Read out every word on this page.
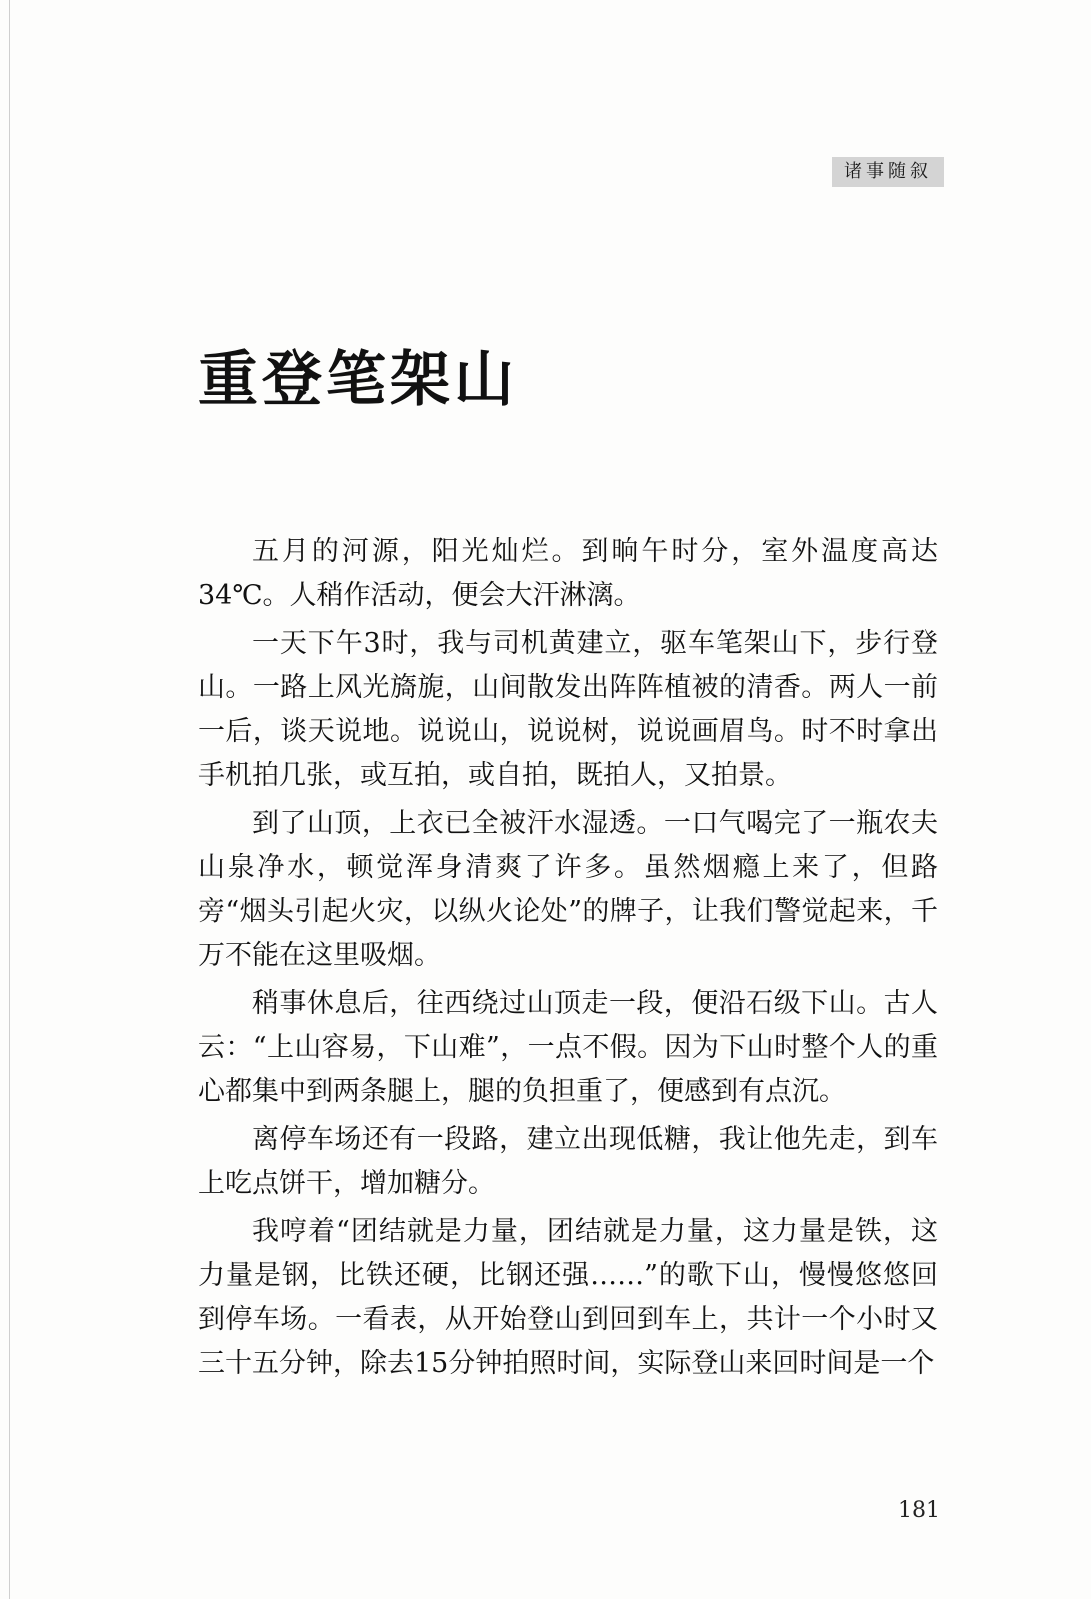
诸事随叙
重登笔架山

五月的河源，阳光灿烂。到晌午时分，室外温度高达34℃。人稍作活动，便会大汗淋漓。

一天下午3时，我与司机黄建立，驱车笔架山下，步行登山。一路上风光旖旎，山间散发出阵阵植被的清香。两人一前一后，谈天说地。说说山，说说树，说说画眉鸟。时不时拿出手机拍几张，或互拍，或自拍，既拍人，又拍景。

到了山顶，上衣已全被汗水湿透。一口气喝完了一瓶农夫山泉净水，顿觉浑身清爽了许多。虽然烟瘾上来了，但路旁“烟头引起火灾，以纵火论处”的牌子，让我们警觉起来，千万不能在这里吸烟。

稍事休息后，往西绕过山顶走一段，便沿石级下山。古人云：“上山容易，下山难”，一点不假。因为下山时整个人的重心都集中到两条腿上，腿的负担重了，便感到有点沉。

离停车场还有一段路，建立出现低糖，我让他先走，到车上吃点饼干，增加糖分。

我哼着“团结就是力量，团结就是力量，这力量是铁，这力量是钢，比铁还硬，比钢还强……”的歌下山，慢慢悠悠回到停车场。一看表，从开始登山到回到车上，共计一个小时又三十五分钟，除去15分钟拍照时间，实际登山来回时间是一个

181
